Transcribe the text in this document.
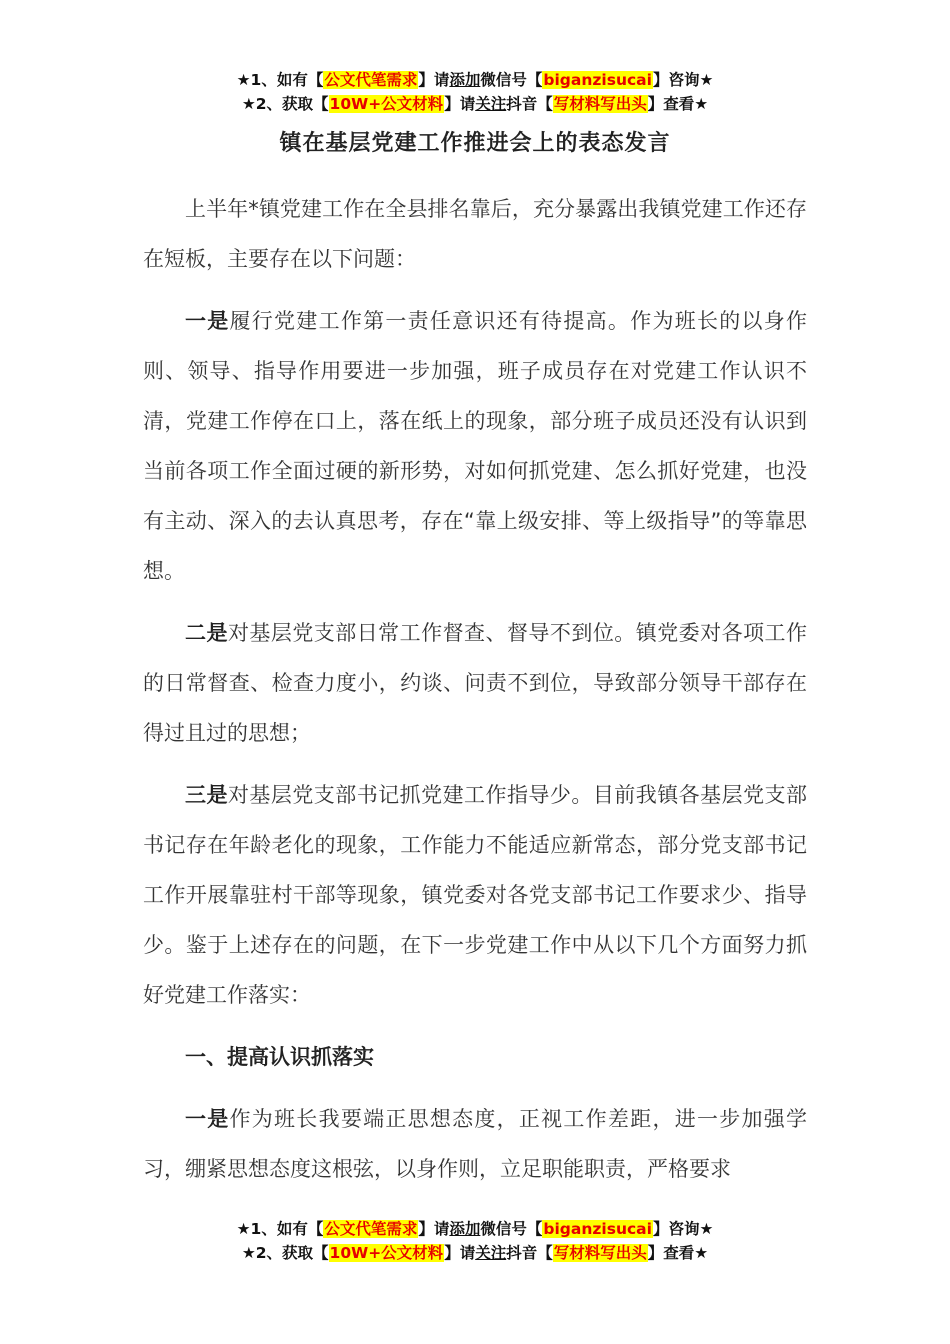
★1、如有【公文代笔需求】请添加微信号【biganzisucai】咨询★
★2、获取【10W+公文材料】请关注抖音【写材料写出头】查看★
镇在基层党建工作推进会上的表态发言

上半年*镇党建工作在全县排名靠后，充分暴露出我镇党建工作还存在短板，主要存在以下问题：

一是履行党建工作第一责任意识还有待提高。作为班长的以身作则、领导、指导作用要进一步加强，班子成员存在对党建工作认识不清，党建工作停在口上，落在纸上的现象，部分班子成员还没有认识到当前各项工作全面过硬的新形势，对如何抓党建、怎么抓好党建，也没有主动、深入的去认真思考，存在“靠上级安排、等上级指导”的等靠思想。

二是对基层党支部日常工作督查、督导不到位。镇党委对各项工作的日常督查、检查力度小，约谈、问责不到位，导致部分领导干部存在得过且过的思想；

三是对基层党支部书记抓党建工作指导少。目前我镇各基层党支部书记存在年龄老化的现象，工作能力不能适应新常态，部分党支部书记工作开展靠驻村干部等现象，镇党委对各党支部书记工作要求少、指导少。鉴于上述存在的问题，在下一步党建工作中从以下几个方面努力抓好党建工作落实：

一、提高认识抓落实

一是作为班长我要端正思想态度，正视工作差距，进一步加强学习，绷紧思想态度这根弦，以身作则，立足职能职责，严格要求

★1、如有【公文代笔需求】请添加微信号【biganzisucai】咨询★
★2、获取【10W+公文材料】请关注抖音【写材料写出头】查看★
